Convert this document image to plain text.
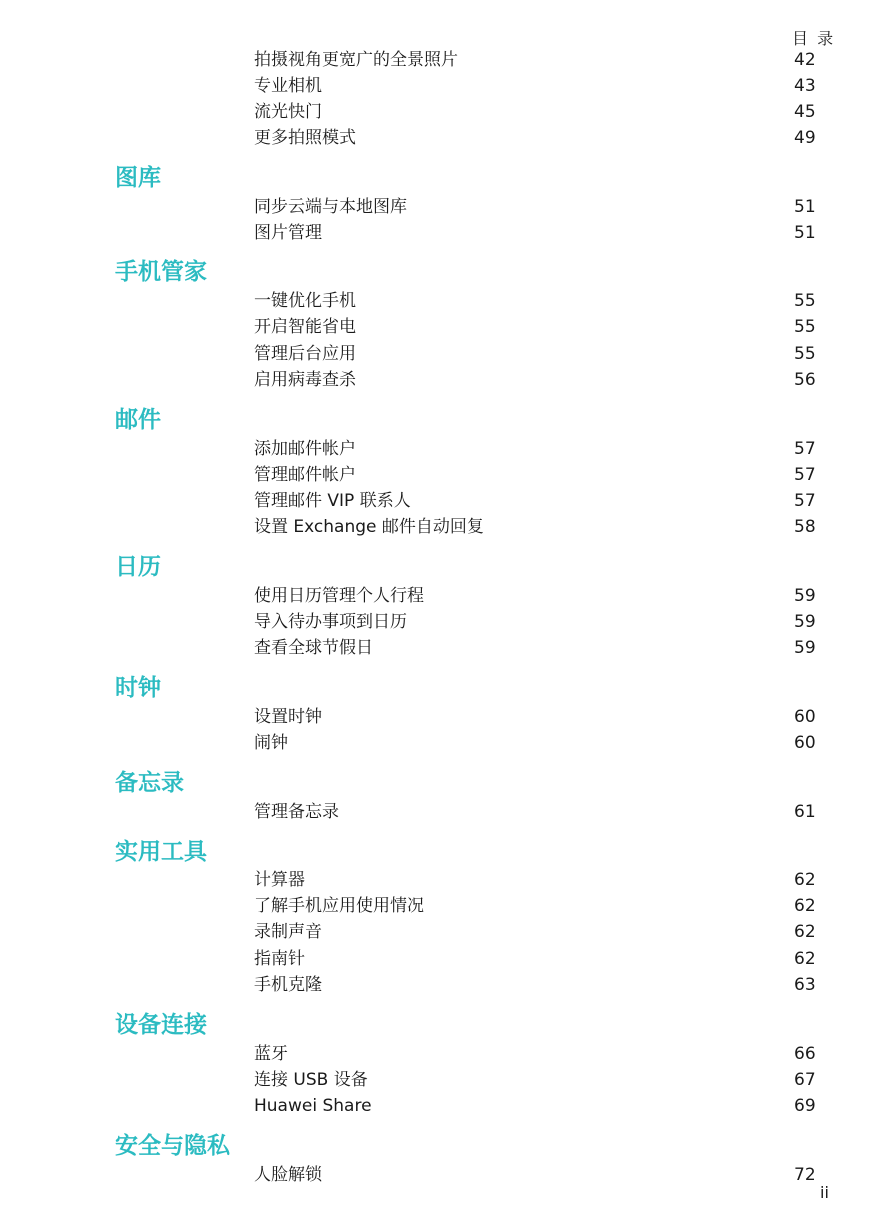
目 录
拍摄视角更宽广的全景照片	42
专业相机	43
流光快门	45
更多拍照模式	49
图库
同步云端与本地图库	51
图片管理	51
手机管家
一键优化手机	55
开启智能省电	55
管理后台应用	55
启用病毒查杀	56
邮件
添加邮件帐户	57
管理邮件帐户	57
管理邮件 VIP 联系人	57
设置 Exchange 邮件自动回复	58
日历
使用日历管理个人行程	59
导入待办事项到日历	59
查看全球节假日	59
时钟
设置时钟	60
闹钟	60
备忘录
管理备忘录	61
实用工具
计算器	62
了解手机应用使用情况	62
录制声音	62
指南针	62
手机克隆	63
设备连接
蓝牙	66
连接 USB 设备	67
Huawei Share	69
安全与隐私
人脸解锁	72
ii
